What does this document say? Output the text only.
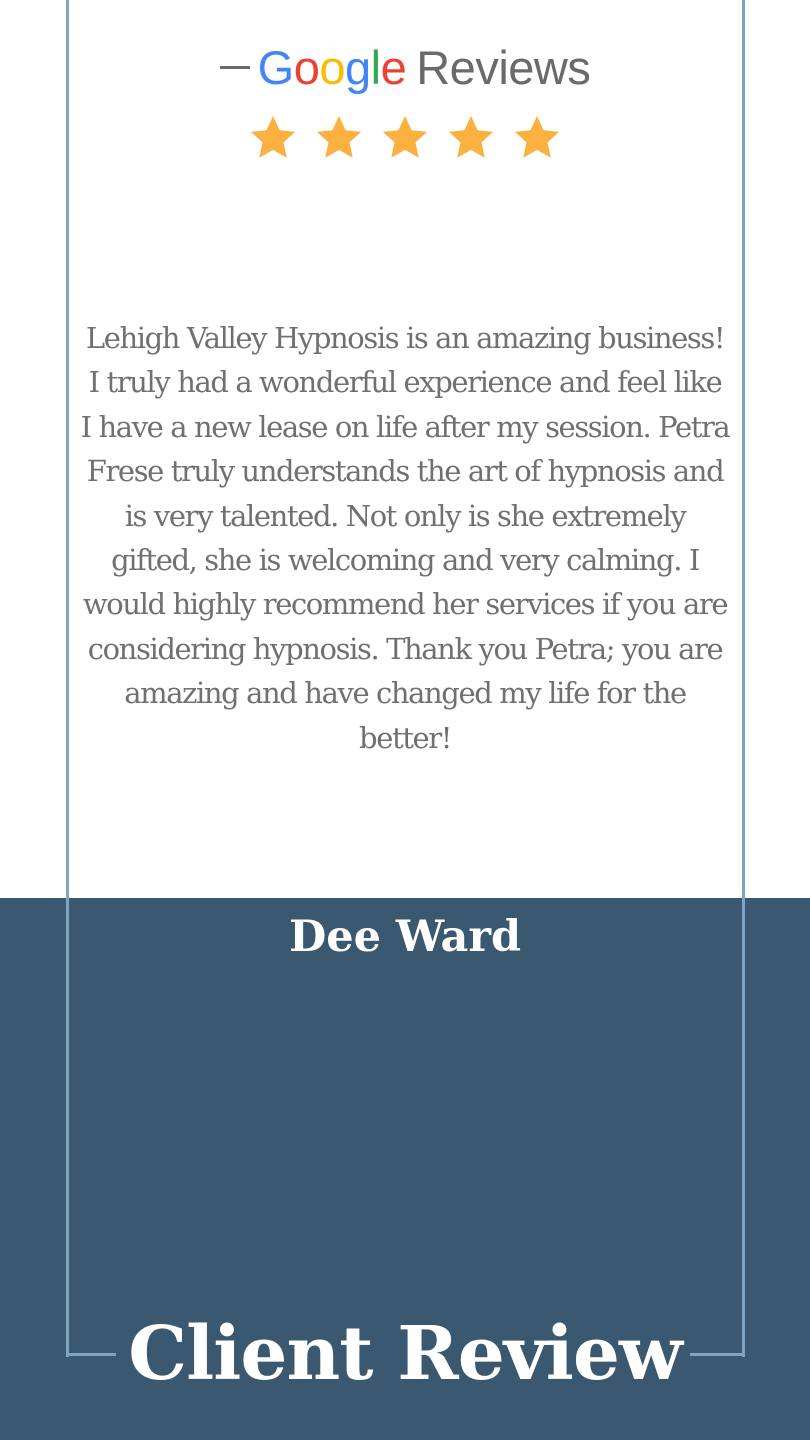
Google Reviews

Lehigh Valley Hypnosis is an amazing business! I truly had a wonderful experience and feel like I have a new lease on life after my session. Petra Frese truly understands the art of hypnosis and is very talented. Not only is she extremely gifted, she is welcoming and very calming. I would highly recommend her services if you are considering hypnosis. Thank you Petra; you are amazing and have changed my life for the better!

Dee Ward
Client Review
